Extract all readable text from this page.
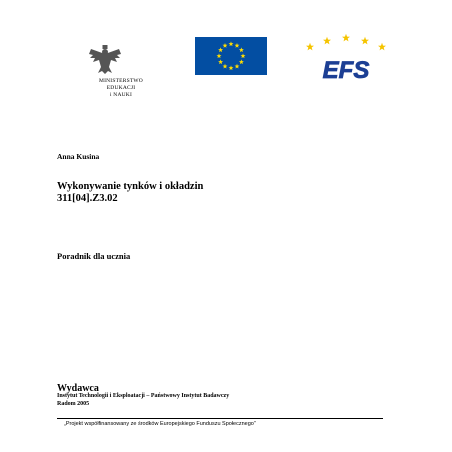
MINISTERSTWO EDUKACJI
i NAUKI
EFS
Anna Kusina
Wykonywanie tynków i okładzin
311[04].Z3.02
Poradnik dla ucznia
Wydawca
Instytut Technologii i Eksploatacji – Państwowy Instytut Badawczy
Radom 2005
„Projekt współfinansowany ze środków Europejskiego Funduszu Społecznego”
